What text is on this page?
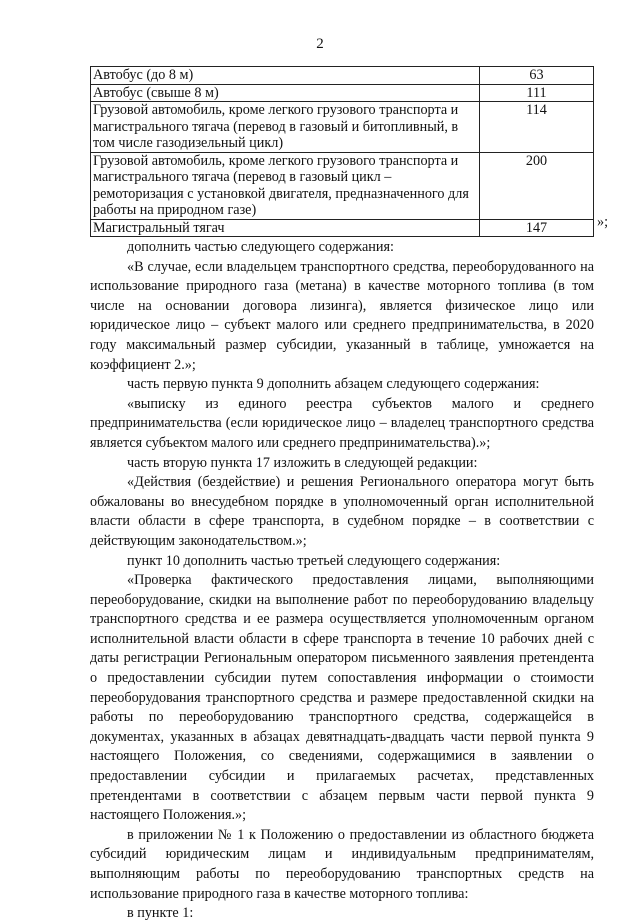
2
Автобус (до 8 м)	63
Автобус (свыше 8 м)	111
Грузовой автомобиль, кроме легкого грузового транспорта и магистрального тягача (перевод в газовый и битопливный, в том числе газодизельный цикл)	114
Грузовой автомобиль, кроме легкого грузового транспорта и магистрального тягача (перевод в газовый цикл – ремоторизация с установкой двигателя, предназначенного для работы на природном газе)	200
Магистральный тягач	147	»;

дополнить частью следующего содержания:

«В случае, если владельцем транспортного средства, переоборудованного на использование природного газа (метана) в качестве моторного топлива (в том числе на основании договора лизинга), является физическое лицо или юридическое лицо – субъект малого или среднего предпринимательства, в 2020 году максимальный размер субсидии, указанный в таблице, умножается на коэффициент 2.»;

часть первую пункта 9 дополнить абзацем следующего содержания:

«выписку из единого реестра субъектов малого и среднего предпринимательства (если юридическое лицо – владелец транспортного средства является субъектом малого или среднего предпринимательства).»;

часть вторую пункта 17 изложить в следующей редакции:

«Действия (бездействие) и решения Регионального оператора могут быть обжалованы во внесудебном порядке в уполномоченный орган исполнительной власти области в сфере транспорта, в судебном порядке – в соответствии с действующим законодательством.»;

пункт 10 дополнить частью третьей следующего содержания:

«Проверка фактического предоставления лицами, выполняющими переоборудование, скидки на выполнение работ по переоборудованию владельцу транспортного средства и ее размера осуществляется уполномоченным органом исполнительной власти области в сфере транспорта в течение 10 рабочих дней с даты регистрации Региональным оператором письменного заявления претендента о предоставлении субсидии путем сопоставления информации о стоимости переоборудования транспортного средства и размере предоставленной скидки на работы по переоборудованию транспортного средства, содержащейся в документах, указанных в абзацах девятнадцать-двадцать части первой пункта 9 настоящего Положения, со сведениями, содержащимися в заявлении о предоставлении субсидии и прилагаемых расчетах, представленных претендентами в соответствии с абзацем первым части первой пункта 9 настоящего Положения.»;

в приложении № 1 к Положению о предоставлении из областного бюджета субсидий юридическим лицам и индивидуальным предпринимателям, выполняющим работы по переоборудованию транспортных средств на использование природного газа в качестве моторного топлива:

в пункте 1:
